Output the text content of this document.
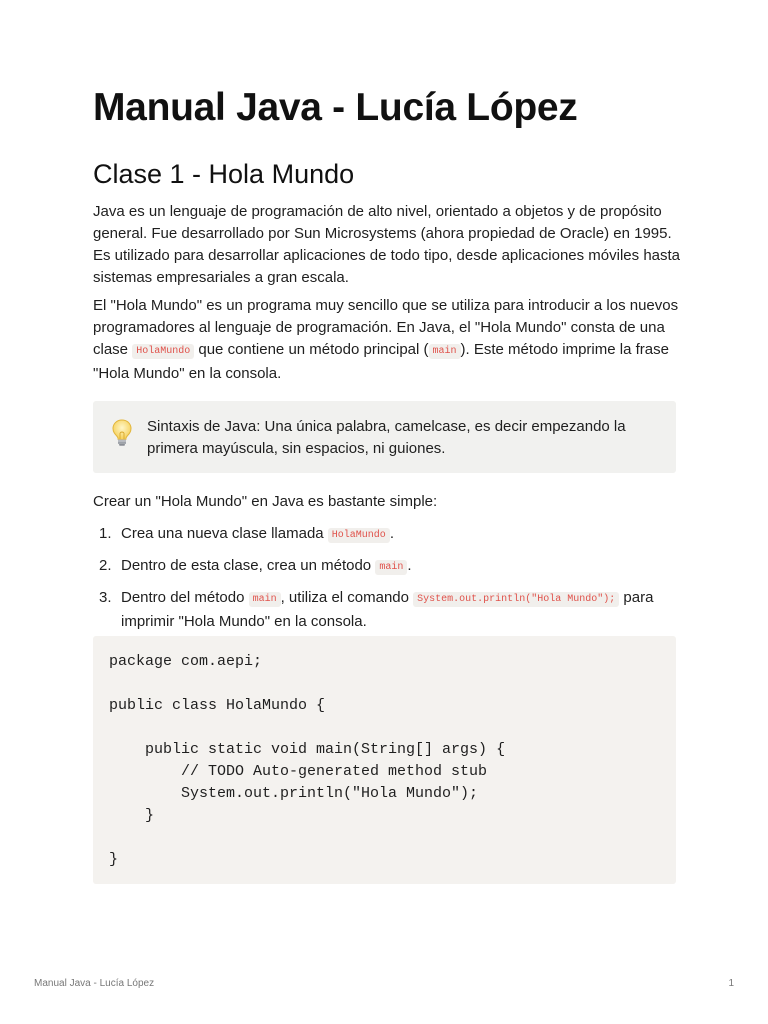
Manual Java - Lucía López
Clase 1 - Hola Mundo

Java es un lenguaje de programación de alto nivel, orientado a objetos y de propósito general. Fue desarrollado por Sun Microsystems (ahora propiedad de Oracle) en 1995. Es utilizado para desarrollar aplicaciones de todo tipo, desde aplicaciones móviles hasta sistemas empresariales a gran escala.

El "Hola Mundo" es un programa muy sencillo que se utiliza para introducir a los nuevos programadores al lenguaje de programación. En Java, el "Hola Mundo" consta de una clase HolaMundo que contiene un método principal ( main ). Este método imprime la frase "Hola Mundo" en la consola.

Sintaxis de Java: Una única palabra, camelcase, es decir empezando la primera mayúscula, sin espacios, ni guiones.

Crear un "Hola Mundo" en Java es bastante simple:

1. Crea una nueva clase llamada HolaMundo .
2. Dentro de esta clase, crea un método main .
3. Dentro del método main , utiliza el comando System.out.println("Hola Mundo"); para imprimir "Hola Mundo" en la consola.
package com.aepi;

public class HolaMundo {

public static void main(String[] args) {
// TODO Auto-generated method stub
System.out.println("Hola Mundo");
}

}
Manual Java - Lucía López	1
